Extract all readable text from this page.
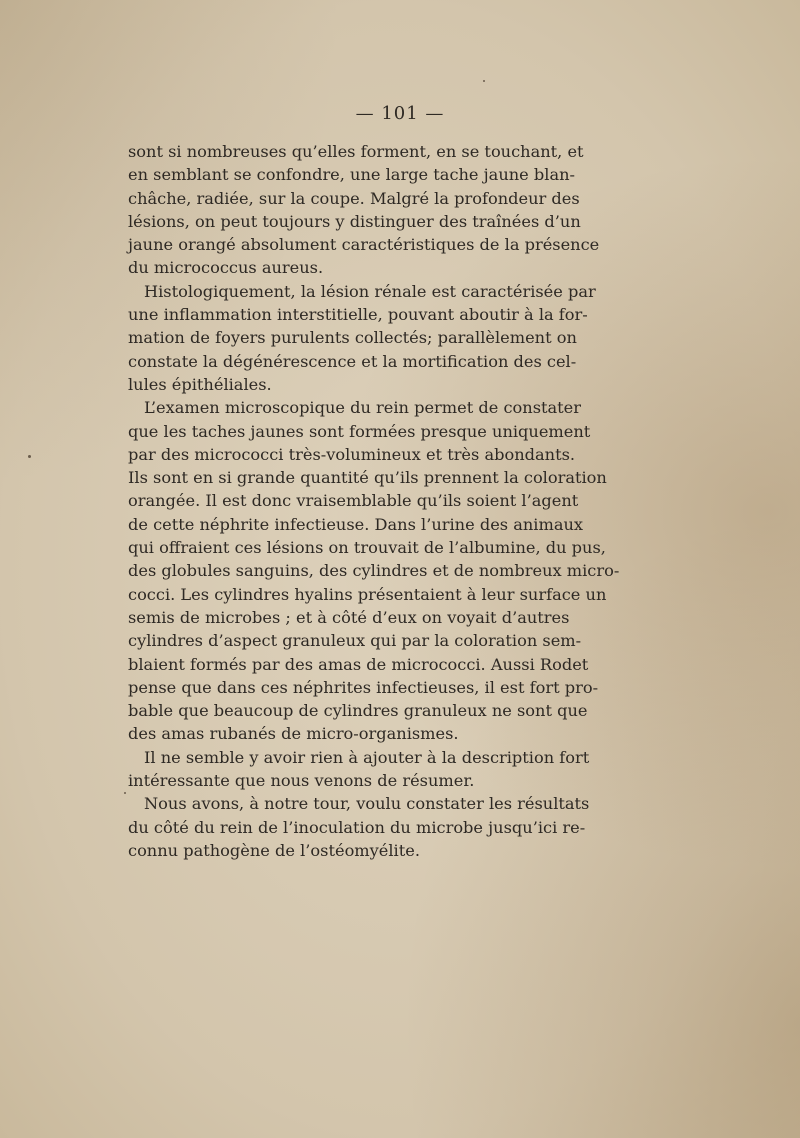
— 101 —
sont si nombreuses qu’elles forment, en se touchant, et
en semblant se confondre, une large tache jaune blan-
châche, radiée, sur la coupe. Malgré la profondeur des
lésions, on peut toujours y distinguer des traînées d’un
jaune orangé absolument caractéristiques de la présence
du micrococcus aureus.
Histologiquement, la lésion rénale est caractérisée par
une inflammation interstitielle, pouvant aboutir à la for-
mation de foyers purulents collectés; parallèlement on
constate la dégénérescence et la mortification des cel-
lules épithéliales.
L’examen microscopique du rein permet de constater
que les taches jaunes sont formées presque uniquement
par des micrococci très-volumineux et très abondants.
Ils sont en si grande quantité qu’ils prennent la coloration
orangée. Il est donc vraisemblable qu’ils soient l’agent
de cette néphrite infectieuse. Dans l’urine des animaux
qui offraient ces lésions on trouvait de l’albumine, du pus,
des globules sanguins, des cylindres et de nombreux micro-
cocci. Les cylindres hyalins présentaient à leur surface un
semis de microbes ; et à côté d’eux on voyait d’autres
cylindres d’aspect granuleux qui par la coloration sem-
blaient formés par des amas de micrococci. Aussi Rodet
pense que dans ces néphrites infectieuses, il est fort pro-
bable que beaucoup de cylindres granuleux ne sont que
des amas rubanés de micro-organismes.
Il ne semble y avoir rien à ajouter à la description fort
intéressante que nous venons de résumer.
Nous avons, à notre tour, voulu constater les résultats
du côté du rein de l’inoculation du microbe jusqu’ici re-
connu pathogène de l’ostéomyélite.
